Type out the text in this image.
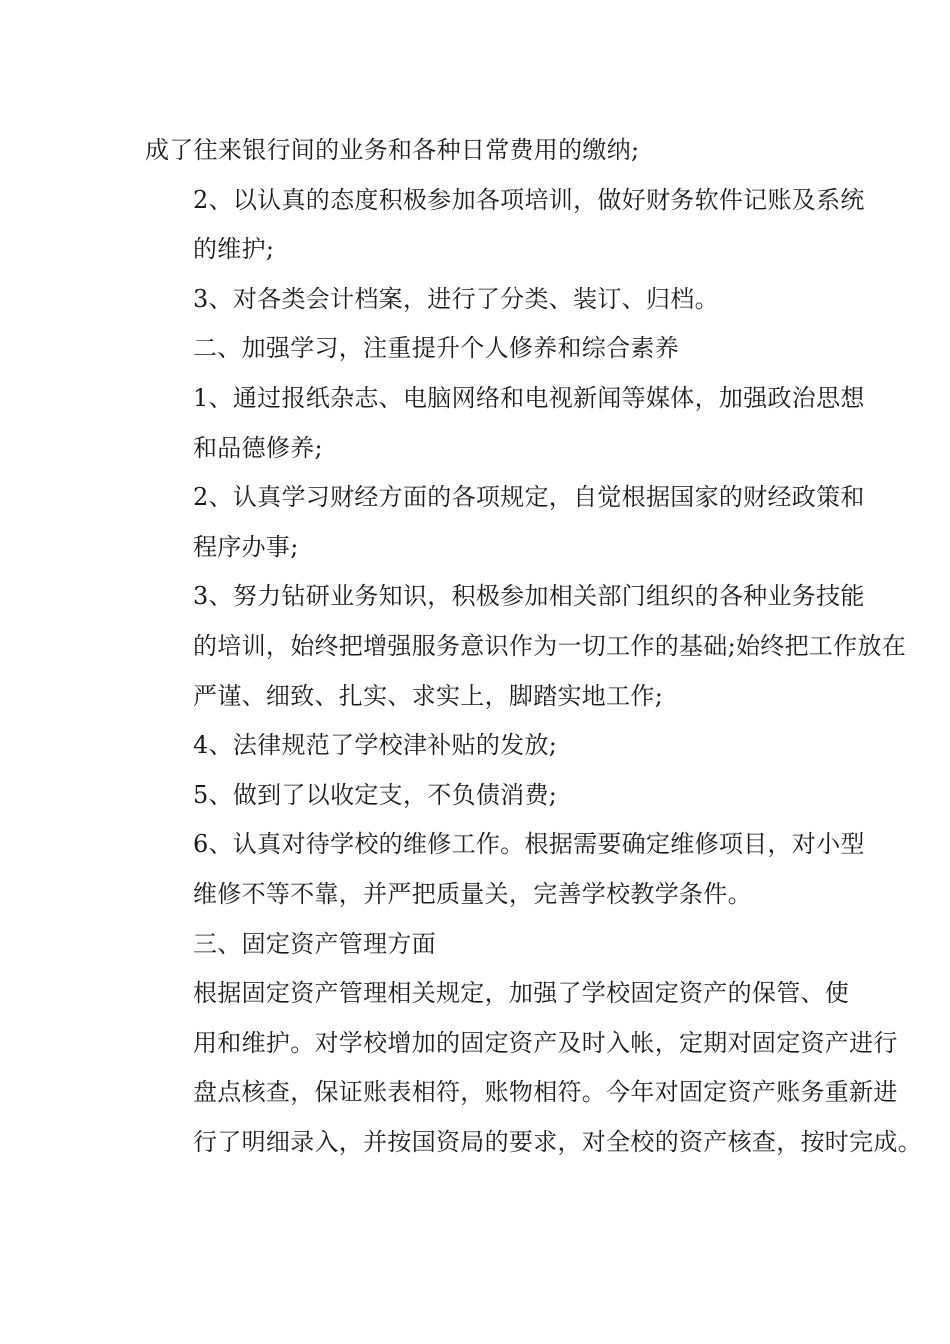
成了往来银行间的业务和各种日常费用的缴纳;

2、以认真的态度积极参加各项培训，做好财务软件记账及系统
的维护;

3、对各类会计档案，进行了分类、装订、归档。

二、加强学习，注重提升个人修养和综合素养

1、通过报纸杂志、电脑网络和电视新闻等媒体，加强政治思想
和品德修养;

2、认真学习财经方面的各项规定，自觉根据国家的财经政策和
程序办事;

3、努力钻研业务知识，积极参加相关部门组织的各种业务技能
的培训，始终把增强服务意识作为一切工作的基础;始终把工作放在
严谨、细致、扎实、求实上，脚踏实地工作;

4、法律规范了学校津补贴的发放;

5、做到了以收定支，不负债消费;

6、认真对待学校的维修工作。根据需要确定维修项目，对小型
维修不等不靠，并严把质量关，完善学校教学条件。

三、固定资产管理方面

根据固定资产管理相关规定，加强了学校固定资产的保管、使
用和维护。对学校增加的固定资产及时入帐，定期对固定资产进行
盘点核查，保证账表相符，账物相符。今年对固定资产账务重新进
行了明细录入，并按国资局的要求，对全校的资产核查，按时完成。
